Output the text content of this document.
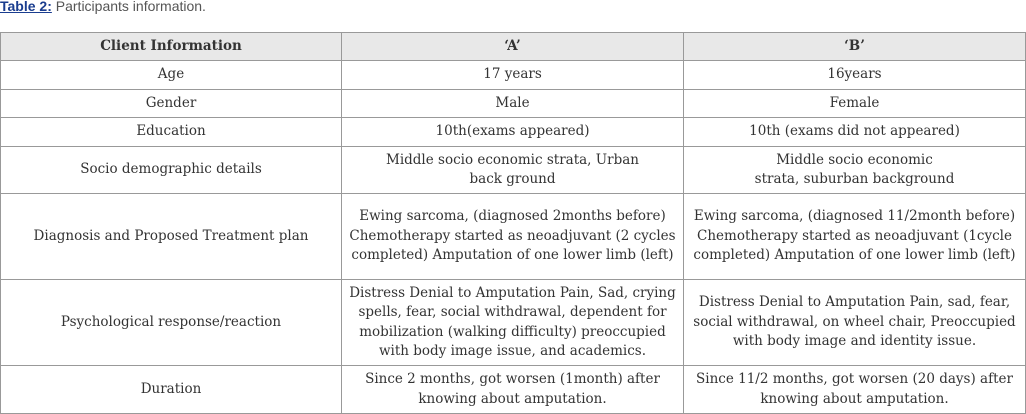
Table 2: Participants information.
Client Information	‘A’	‘B’
Age	17 years	16years
Gender	Male	Female
Education	10th(exams appeared)	10th (exams did not appeared)
Socio demographic details	Middle socio economic strata, Urban back ground	Middle socio economic strata, suburban background
Diagnosis and Proposed Treatment plan	Ewing sarcoma, (diagnosed 2months before) Chemotherapy started as neoadjuvant (2 cycles completed) Amputation of one lower limb (left)	Ewing sarcoma, (diagnosed 11/2month before) Chemotherapy started as neoadjuvant (1cycle completed) Amputation of one lower limb (left)
Psychological response/reaction	Distress Denial to Amputation Pain, Sad, crying spells, fear, social withdrawal, dependent for mobilization (walking difficulty) preoccupied with body image issue, and academics.	Distress Denial to Amputation Pain, sad, fear, social withdrawal, on wheel chair, Preoccupied with body image and identity issue.
Duration	Since 2 months, got worsen (1month) after knowing about amputation.	Since 11/2 months, got worsen (20 days) after knowing about amputation.
